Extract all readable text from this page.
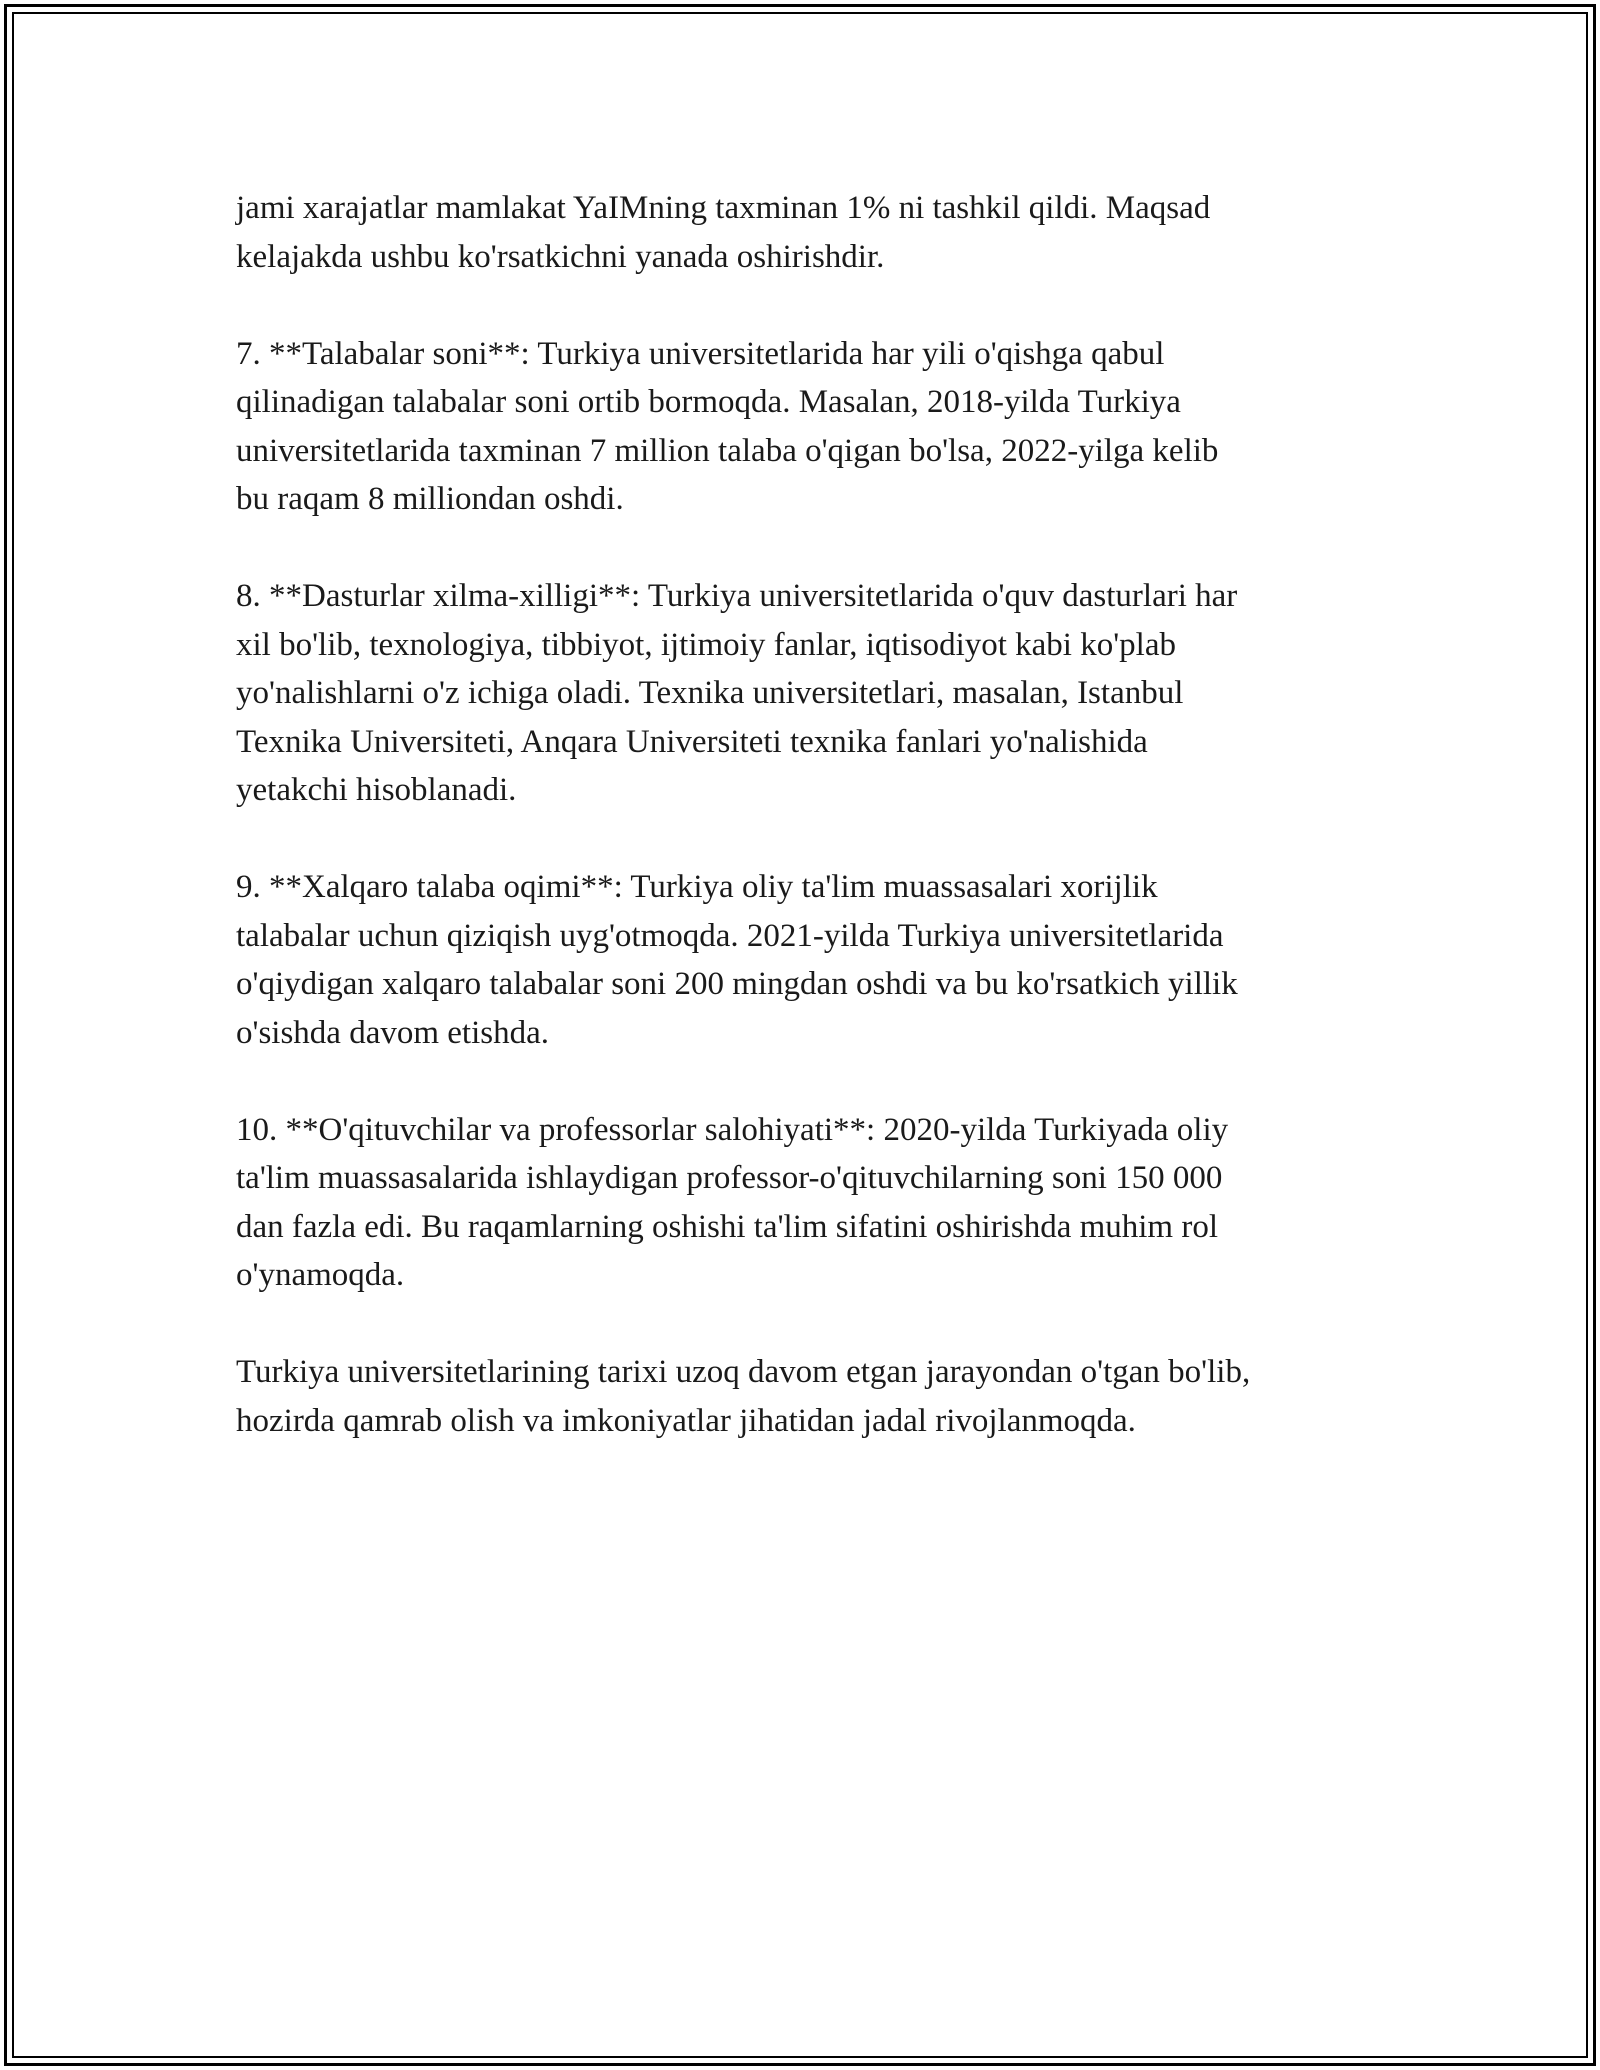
jami xarajatlar mamlakat YaIMning taxminan 1% ni tashkil qildi. Maqsad
kelajakda ushbu ko'rsatkichni yanada oshirishdir.

7. **Talabalar soni**: Turkiya universitetlarida har yili o'qishga qabul
qilinadigan talabalar soni ortib bormoqda. Masalan, 2018-yilda Turkiya
universitetlarida taxminan 7 million talaba o'qigan bo'lsa, 2022-yilga kelib
bu raqam 8 milliondan oshdi.

8. **Dasturlar xilma-xilligi**: Turkiya universitetlarida o'quv dasturlari har
xil bo'lib, texnologiya, tibbiyot, ijtimoiy fanlar, iqtisodiyot kabi ko'plab
yo'nalishlarni o'z ichiga oladi. Texnika universitetlari, masalan, Istanbul
Texnika Universiteti, Anqara Universiteti texnika fanlari yo'nalishida
yetakchi hisoblanadi.

9. **Xalqaro talaba oqimi**: Turkiya oliy ta'lim muassasalari xorijlik
talabalar uchun qiziqish uyg'otmoqda. 2021-yilda Turkiya universitetlarida
o'qiydigan xalqaro talabalar soni 200 mingdan oshdi va bu ko'rsatkich yillik
o'sishda davom etishda.

10. **O'qituvchilar va professorlar salohiyati**: 2020-yilda Turkiyada oliy
ta'lim muassasalarida ishlaydigan professor-o'qituvchilarning soni 150 000
dan fazla edi. Bu raqamlarning oshishi ta'lim sifatini oshirishda muhim rol
o'ynamoqda.

Turkiya universitetlarining tarixi uzoq davom etgan jarayondan o'tgan bo'lib,
hozirda qamrab olish va imkoniyatlar jihatidan jadal rivojlanmoqda.
